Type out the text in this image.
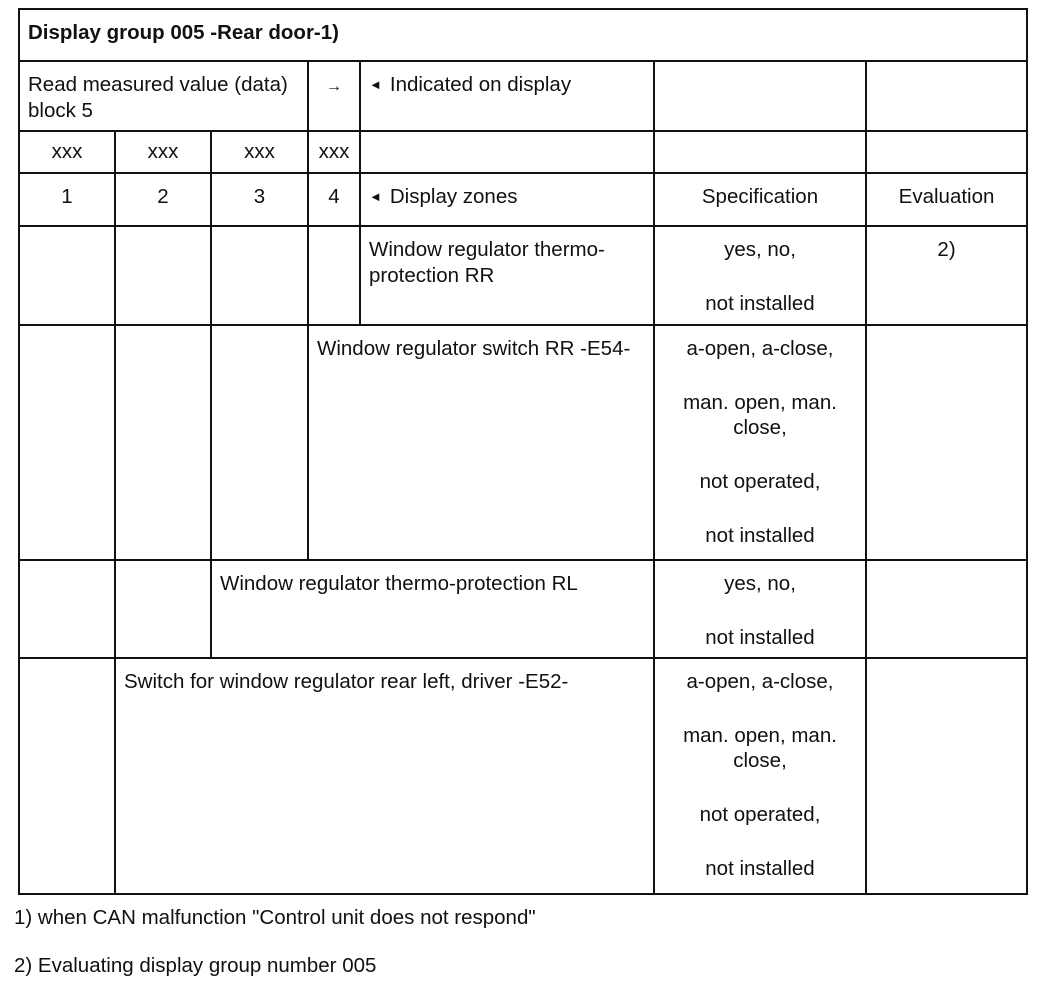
Display group 005 -Rear door-1)						
Read measured value (data) block 5			→	◄ Indicated on display		
xxx	xxx	xxx	xxx			
1	2	3	4	◄ Display zones	Specification	Evaluation
				Window regulator thermo-protection RR	yes, no,

not installed	2)
			Window regulator switch RR -E54-		a-open, a-close,

man. open, man. close,

not operated,

not installed	

		Window regulator thermo-protection RL			yes, no,

not installed	

	Switch for window regulator rear left, driver -E52-				a-open, a-close,

man. open, man. close,

not operated,

not installed	

1) when CAN malfunction "Control unit does not respond"
2) Evaluating display group number 005
